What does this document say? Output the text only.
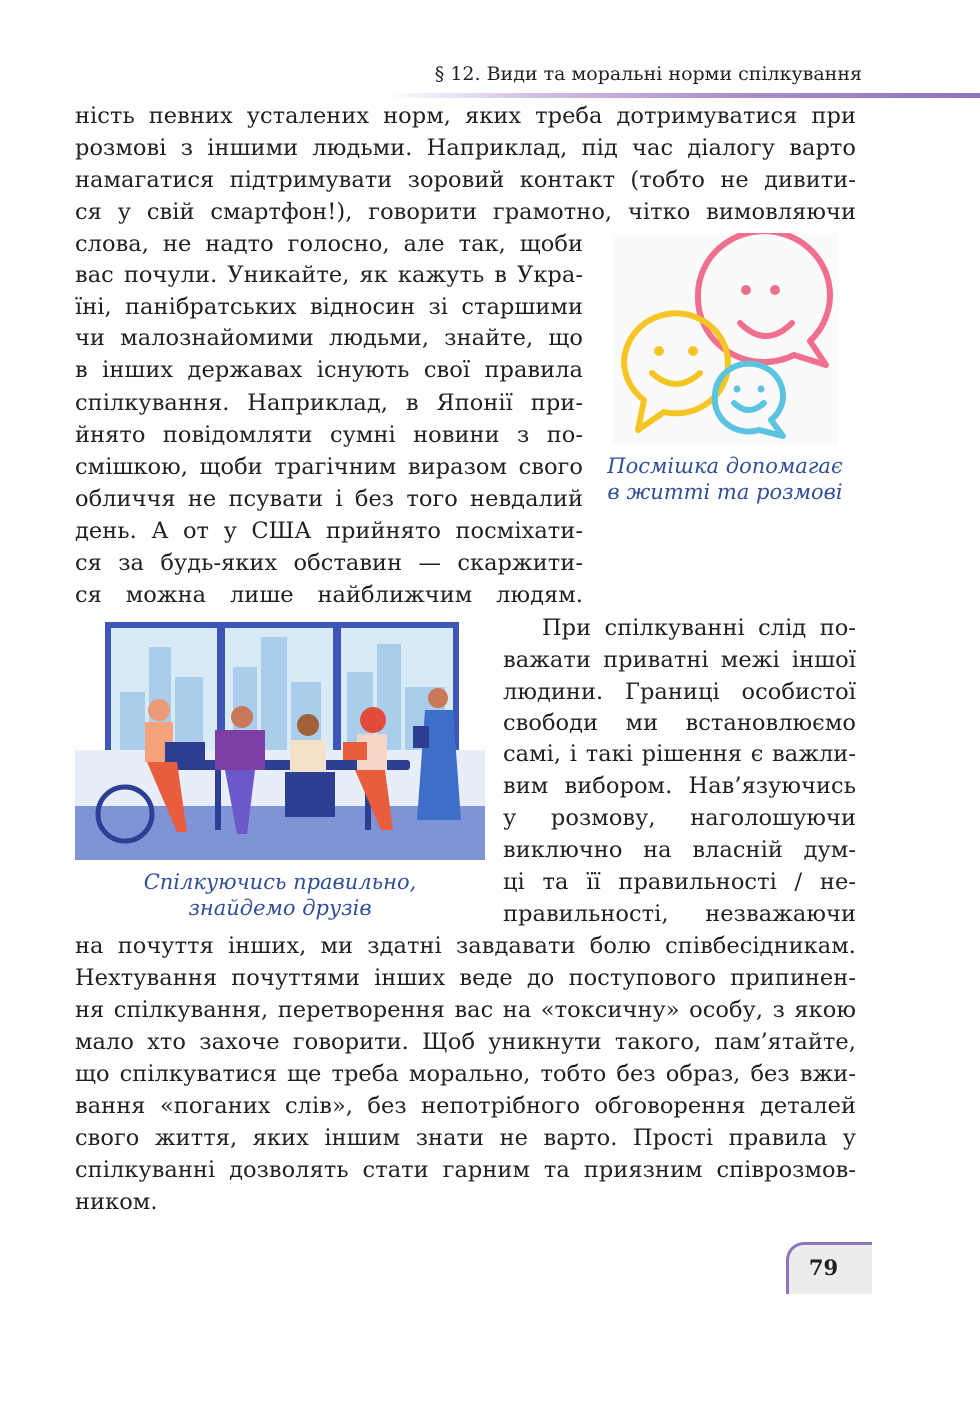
§ 12. Види та моральні норми спілкування
ність певних усталених норм, яких треба дотримуватися при
розмові з іншими людьми. Наприклад, під час діалогу варто
намагатися підтримувати зоровий контакт (тобто не дивити-
ся у свій смартфон!), говорити грамотно, чітко вимовляючи
слова, не надто голосно, але так, щоби
вас почули. Уникайте, як кажуть в Укра-
їні, панібратських відносин зі старшими
чи малознайомими людьми, знайте, що
в інших державах існують свої правила
спілкування. Наприклад, в Японії при-
йнято повідомляти сумні новини з по-
смішкою, щоби трагічним виразом свого
обличчя не псувати і без того невдалий
день. А от у США прийнято посміхати-
ся за будь-яких обставин — скаржити-
ся можна лише найближчим людям.
Посмішка допомагає
в житті та розмові
Спілкуючись правильно,
знайдемо друзів
При спілкуванні слід по-
важати приватні межі іншої
людини. Границі особистої
свободи ми встановлюємо
самі, і такі рішення є важли-
вим вибором. Нав’язуючись
у розмову, наголошуючи
виключно на власній дум-
ці та її правильності / не-
правильності, незважаючи
на почуття інших, ми здатні завдавати болю співбесідникам.
Нехтування почуттями інших веде до поступового припинен-
ня спілкування, перетворення вас на «токсичну» особу, з якою
мало хто захоче говорити. Щоб уникнути такого, пам’ятайте,
що спілкуватися ще треба морально, тобто без образ, без вжи-
вання «поганих слів», без непотрібного обговорення деталей
свого життя, яких іншим знати не варто. Прості правила у
спілкуванні дозволять стати гарним та приязним співрозмов-
ником.
79
